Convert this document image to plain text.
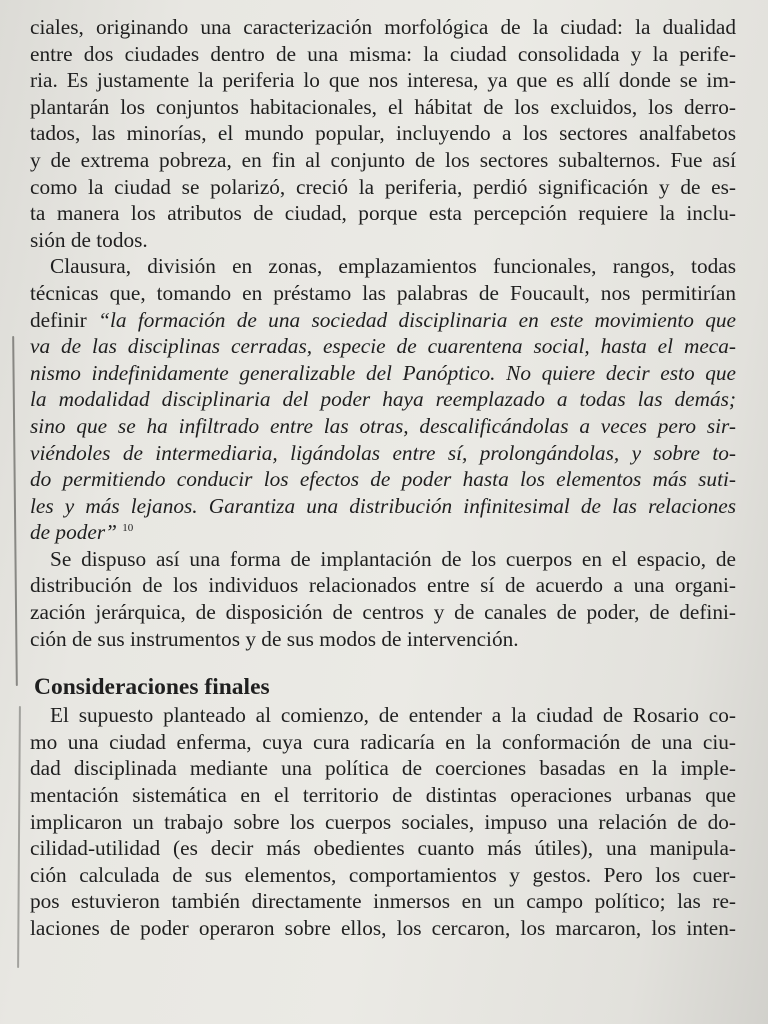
ciales, originando una caracterización morfológica de la ciudad: la dualidad
entre dos ciudades dentro de una misma: la ciudad consolidada y la perife-
ria. Es justamente la periferia lo que nos interesa, ya que es allí donde se im-
plantarán los conjuntos habitacionales, el hábitat de los excluidos, los derro-
tados, las minorías, el mundo popular, incluyendo a los sectores analfabetos
y de extrema pobreza, en fin al conjunto de los sectores subalternos. Fue así
como la ciudad se polarizó, creció la periferia, perdió significación y de es-
ta manera los atributos de ciudad, porque esta percepción requiere la inclu-
sión de todos.

Clausura, división en zonas, emplazamientos funcionales, rangos, todas
técnicas que, tomando en préstamo las palabras de Foucault, nos permitirían
definir “la formación de una sociedad disciplinaria en este movimiento que
va de las disciplinas cerradas, especie de cuarentena social, hasta el meca-
nismo indefinidamente generalizable del Panóptico. No quiere decir esto que
la modalidad disciplinaria del poder haya reemplazado a todas las demás;
sino que se ha infiltrado entre las otras, descalificándolas a veces pero sir-
viéndoles de intermediaria, ligándolas entre sí, prolongándolas, y sobre to-
do permitiendo conducir los efectos de poder hasta los elementos más suti-
les y más lejanos. Garantiza una distribución infinitesimal de las relaciones
de poder” $^{10}$

Se dispuso así una forma de implantación de los cuerpos en el espacio, de
distribución de los individuos relacionados entre sí de acuerdo a una organi-
zación jerárquica, de disposición de centros y de canales de poder, de defini-
ción de sus instrumentos y de sus modos de intervención.

Consideraciones finales

El supuesto planteado al comienzo, de entender a la ciudad de Rosario co-
mo una ciudad enferma, cuya cura radicaría en la conformación de una ciu-
dad disciplinada mediante una política de coerciones basadas en la imple-
mentación sistemática en el territorio de distintas operaciones urbanas que
implicaron un trabajo sobre los cuerpos sociales, impuso una relación de do-
cilidad-utilidad (es decir más obedientes cuanto más útiles), una manipula-
ción calculada de sus elementos, comportamientos y gestos. Pero los cuer-
pos estuvieron también directamente inmersos en un campo político; las re-
laciones de poder operaron sobre ellos, los cercaron, los marcaron, los inten-
